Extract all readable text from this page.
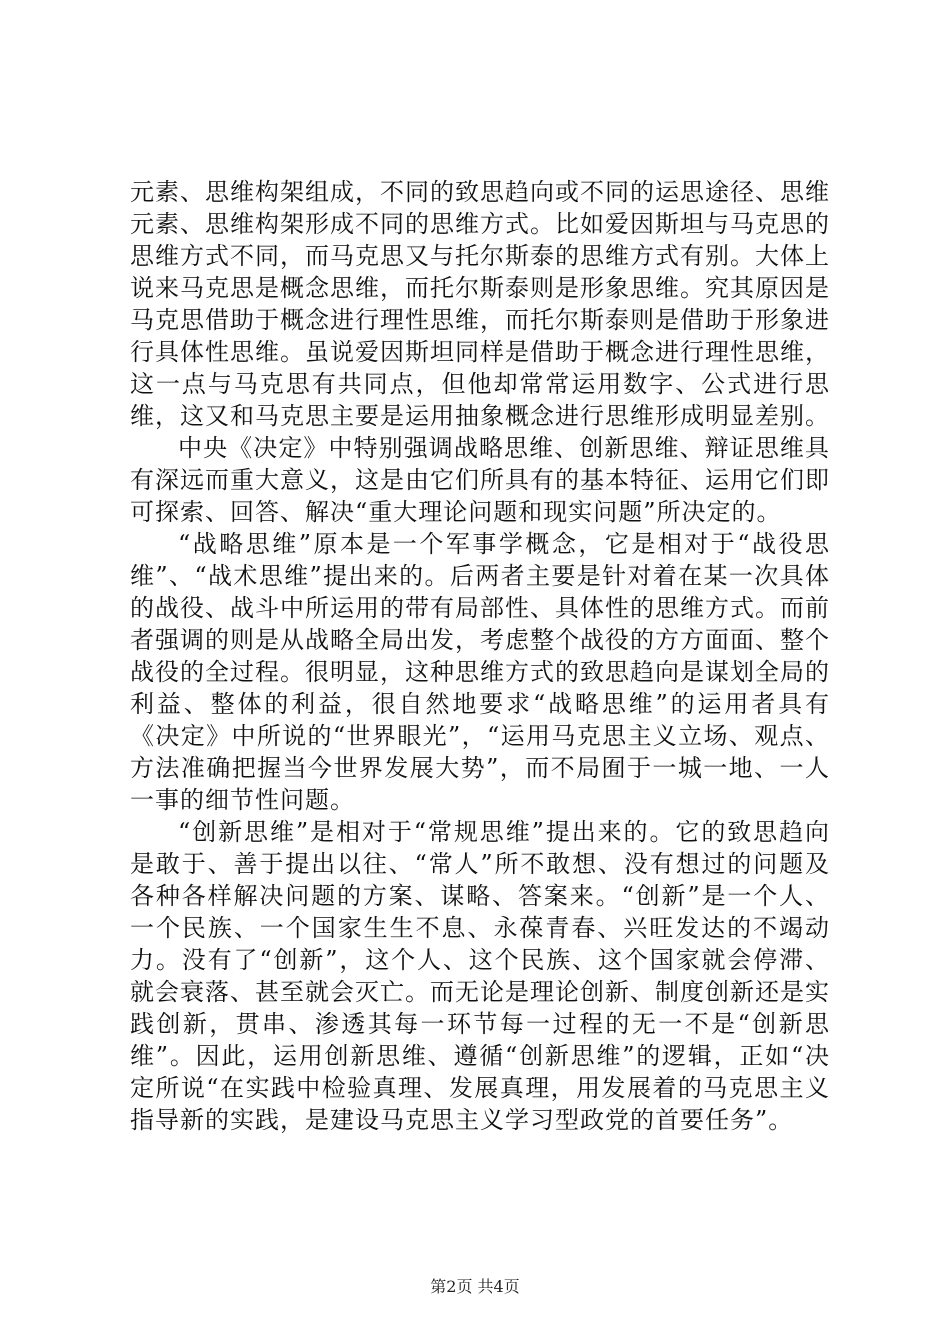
元素、思维构架组成，不同的致思趋向或不同的运思途径、思维元素、思维构架形成不同的思维方式。比如爱因斯坦与马克思的思维方式不同，而马克思又与托尔斯泰的思维方式有别。大体上说来马克思是概念思维，而托尔斯泰则是形象思维。究其原因是马克思借助于概念进行理性思维，而托尔斯泰则是借助于形象进行具体性思维。虽说爱因斯坦同样是借助于概念进行理性思维，这一点与马克思有共同点，但他却常常运用数字、公式进行思维，这又和马克思主要是运用抽象概念进行思维形成明显差别。

中央《决定》中特别强调战略思维、创新思维、辩证思维具有深远而重大意义，这是由它们所具有的基本特征、运用它们即可探索、回答、解决“重大理论问题和现实问题”所决定的。

“战略思维”原本是一个军事学概念，它是相对于“战役思维”、“战术思维”提出来的。后两者主要是针对着在某一次具体的战役、战斗中所运用的带有局部性、具体性的思维方式。而前者强调的则是从战略全局出发，考虑整个战役的方方面面、整个战役的全过程。很明显，这种思维方式的致思趋向是谋划全局的利益、整体的利益，很自然地要求“战略思维”的运用者具有《决定》中所说的“世界眼光”，“运用马克思主义立场、观点、方法准确把握当今世界发展大势”，而不局囿于一城一地、一人一事的细节性问题。

“创新思维”是相对于“常规思维”提出来的。它的致思趋向是敢于、善于提出以往、“常人”所不敢想、没有想过的问题及各种各样解决问题的方案、谋略、答案来。“创新”是一个人、一个民族、一个国家生生不息、永葆青春、兴旺发达的不竭动力。没有了“创新”，这个人、这个民族、这个国家就会停滞、就会衰落、甚至就会灭亡。而无论是理论创新、制度创新还是实践创新，贯串、渗透其每一环节每一过程的无一不是“创新思维”。因此，运用创新思维、遵循“创新思维”的逻辑，正如“决定所说“在实践中检验真理、发展真理，用发展着的马克思主义指导新的实践，是建设马克思主义学习型政党的首要任务”。

第2页 共4页
